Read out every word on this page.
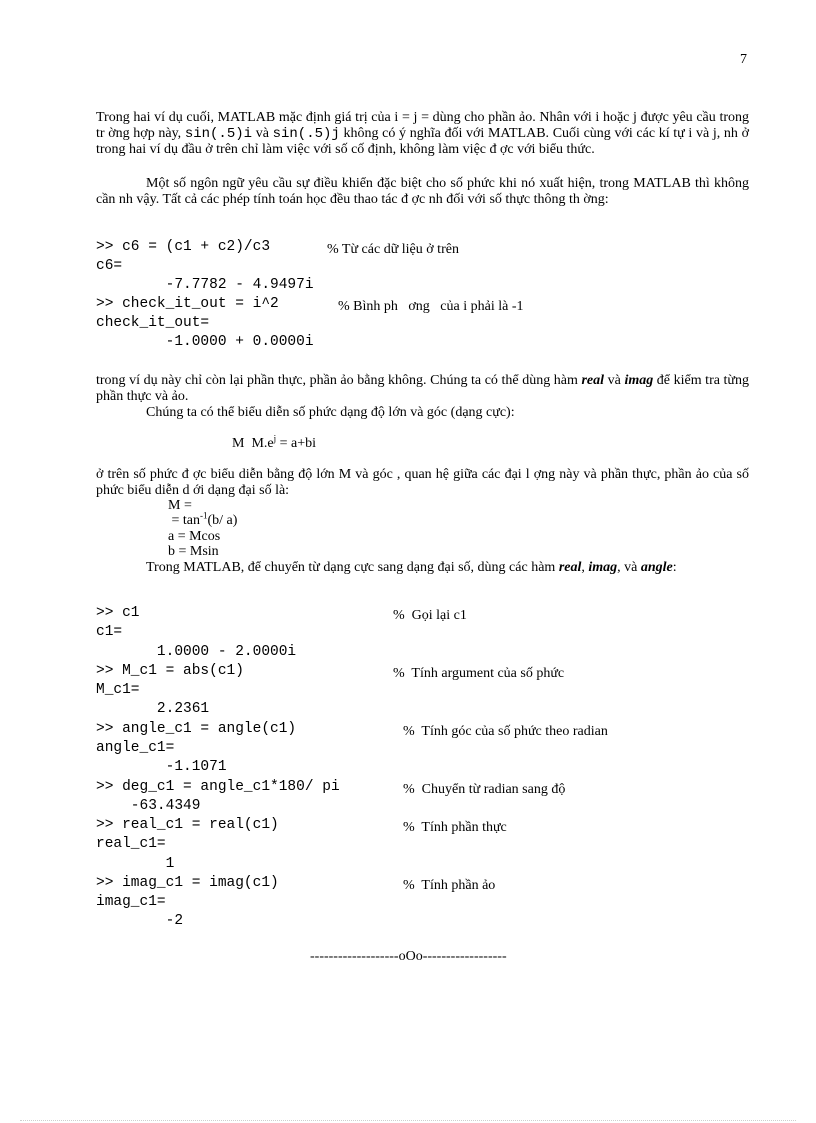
7
Trong hai ví dụ cuối, MATLAB mặc định giá trị của i = j = dùng cho phần ảo. Nhân với i hoặc j được yêu cầu trong tr ờng hợp này, sin(.5)i và sin(.5)j không có ý nghĩa đối với MATLAB. Cuối cùng với các kí tự i và j, nh ở trong hai ví dụ đầu ở trên chỉ làm việc với số cố định, không làm việc đ ợc với biểu thức.
Một số ngôn ngữ yêu cầu sự điều khiển đặc biệt cho số phức khi nó xuất hiện, trong MATLAB thì không cần nh vậy. Tất cả các phép tính toán học đều thao tác đ ợc nh đối với số thực thông th ờng:
>> c6 = (c1 + c2)/c3
c6=
-7.7782 - 4.9497i
>> check_it_out = i^2
check_it_out=
-1.0000 + 0.0000i
% Từ các dữ liệu ở trên
% Bình ph   ơng   của i phải là -1
trong ví dụ này chỉ còn lại phần thực, phần ảo bằng không. Chúng ta có thể dùng hàm real và imag để kiểm tra từng phần thực và ảo.
Chúng ta có thể biểu diễn số phức dạng độ lớn và góc (dạng cực):
M  $M.e^j = a+bi$
ở trên số phức đ ợc biểu diễn bằng độ lớn M và góc , quan hệ giữa các đại l ợng này và phần thực, phần ảo của số phức biểu diễn d ới dạng đại số là:
M =
= $\tan^{-1}(b/$ a)
a = Mcos
b = Msin
Trong MATLAB, để chuyển từ dạng cực sang dạng đại số, dùng các hàm real, imag, và angle:
>> c1
c1=
1.0000 - 2.0000i
>> M_c1 = abs(c1)
M_c1=
2.2361
>> angle_c1 = angle(c1)
angle_c1=
-1.1071
>> deg_c1 = angle_c1*180/ pi
-63.4349
>> real_c1 = real(c1)
real_c1=
1
>> imag_c1 = imag(c1)
imag_c1=
-2
%  Gọi lại c1
%  Tính argument của số phức
%  Tính góc của số phức theo radian
%  Chuyển từ radian sang độ
%  Tính phần thực
%  Tính phần ảo
-------------------oOo------------------
